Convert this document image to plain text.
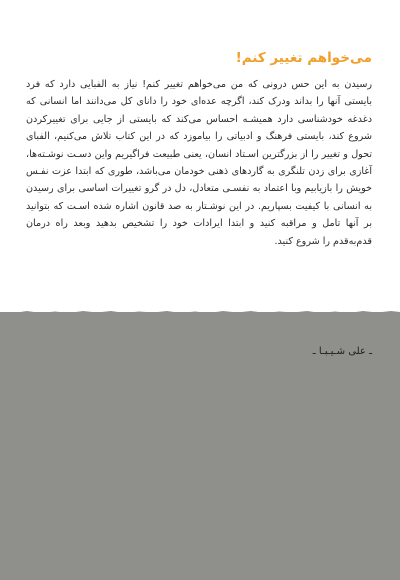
می‌خواهم تغییر کنم!
رسیدن به این حس درونی که من می‌خواهم تغییر کنم! نیاز به الفبایی دارد که فرد بایستی آنها را بداند ودرک کند، اگرچه عده‌ای خود را دانای کل می‌دانند اما انسانی که دغدغه خودشناسی دارد همیشـه احساس می‌کند که بایستی از جایی برای تغییرکردن شروع کند، بایستی فرهنگ و ادبیاتی را بیاموزد که در این کتاب تلاش می‌کنیم، الفبای تحول و تغییر را از بزرگترین اسـتاد انسان، یعنی طبیعت فراگیریم واین دسـت نوشـته‌ها، آغازی برای زدن تلنگری به گاردهای ذهنی خودمان می‌باشد، طوری که ابتدا عزت نفـس خویش را بازیابیم وبا اعتماد به نفسـی متعادل، دل در گرو تغییرات اساسی برای رسیدن به انسانی با کیفیت بسپاریم. در این نوشـتار به صد قانون اشاره شده اسـت که بتوانید بر آنها تامل و مراقبه کنید و ابتدا ایرادات خود را تشخیص بدهید وبعد راه درمان قدم‌به‌قدم را شروع کنید.
ـ علی شـیـبـا ـ
